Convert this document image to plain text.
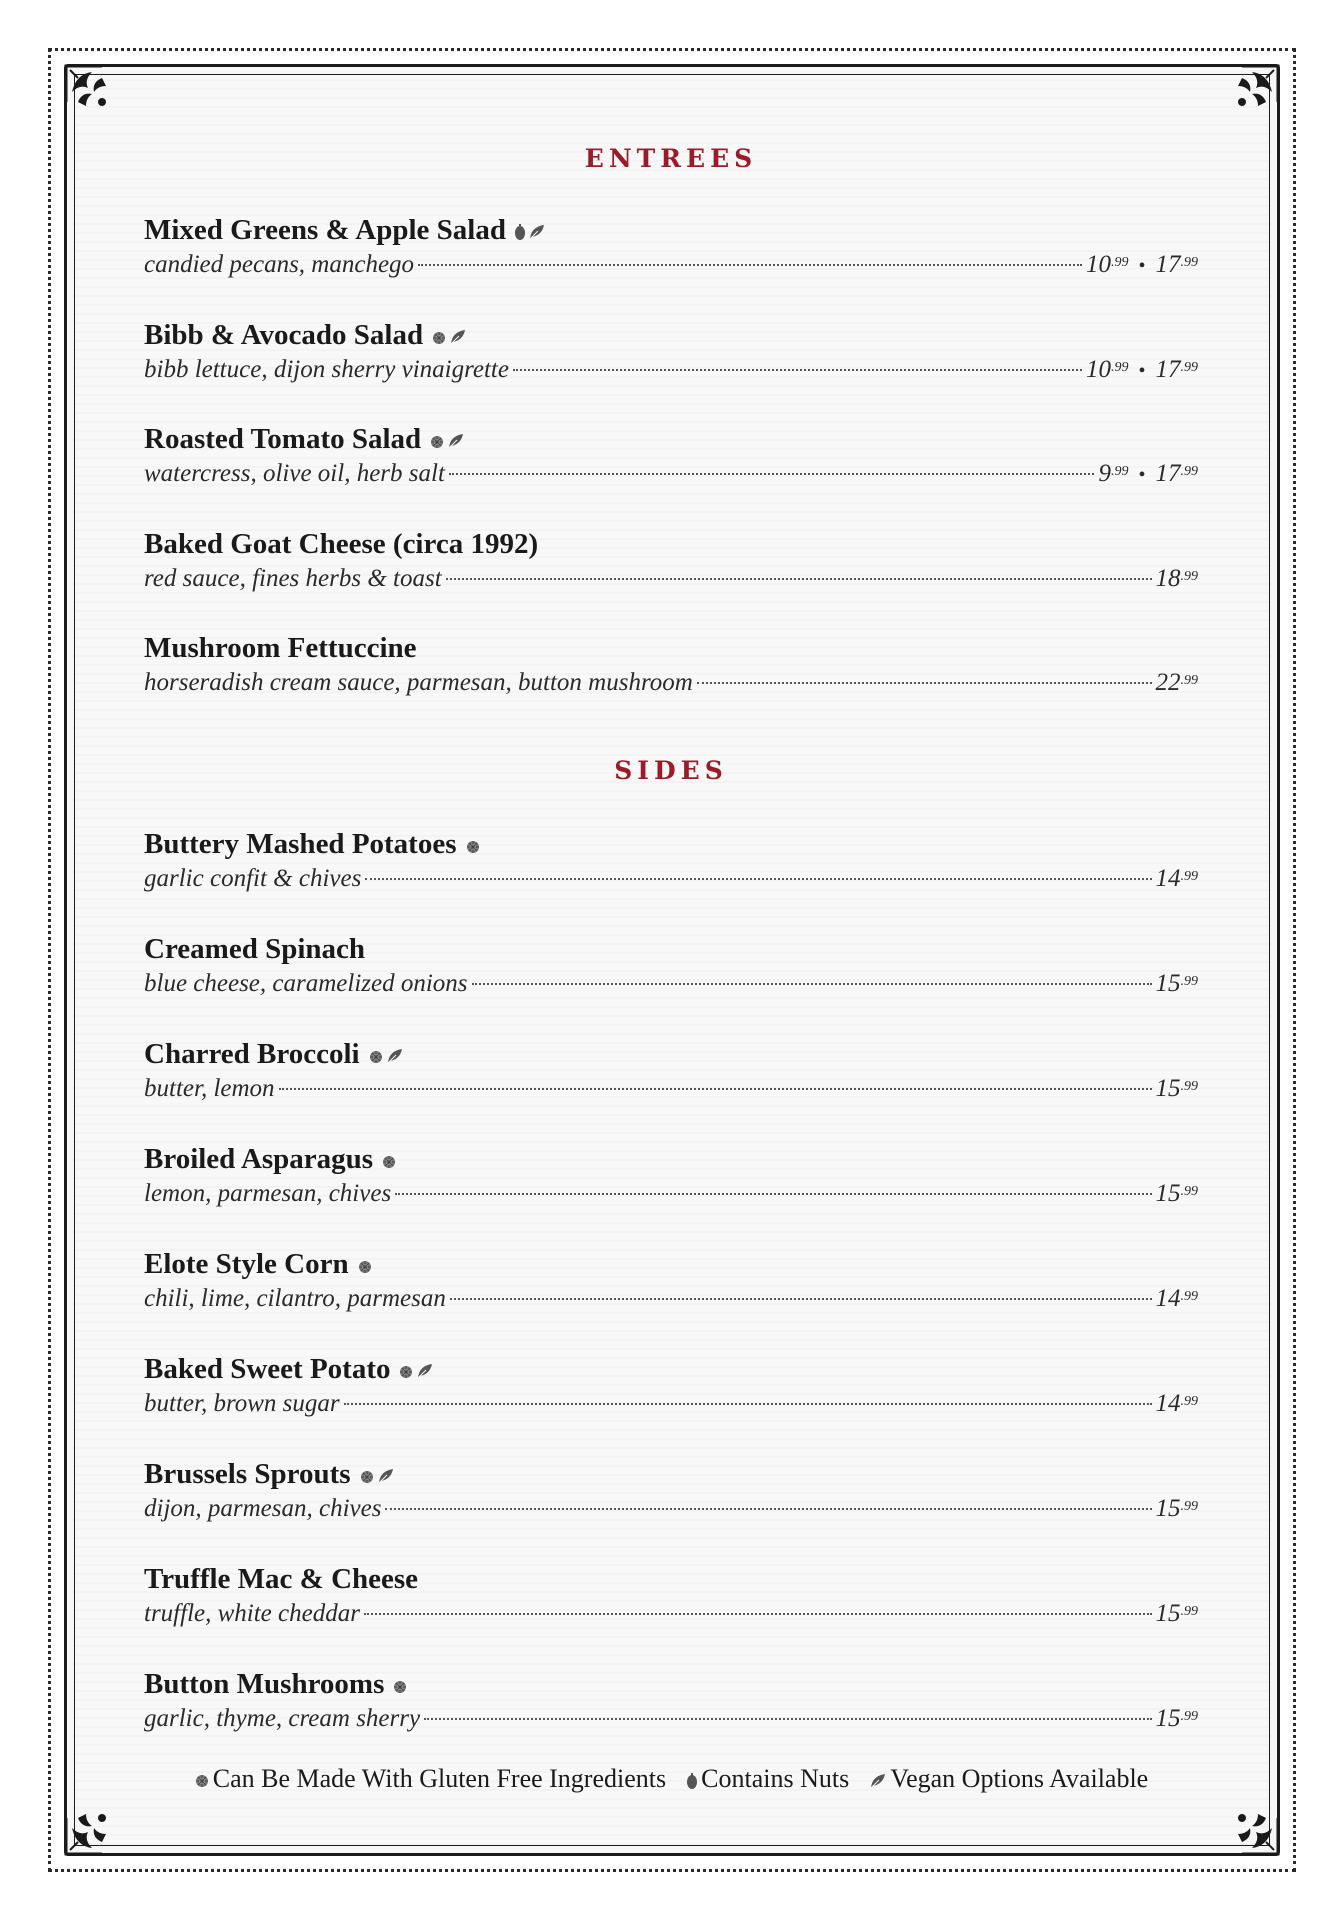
entrees
Mixed Greens & Apple Salad
candied pecans, manchego	$10^{.99}$ • $17^{.99}$
Bibb & Avocado Salad
bibb lettuce, dijon sherry vinaigrette	$10^{.99}$ • $17^{.99}$
Roasted Tomato Salad
watercress, olive oil, herb salt	$9^{.99}$ • $17^{.99}$
Baked Goat Cheese (circa 1992)
red sauce, fines herbs & toast	$18^{.99}$
Mushroom Fettuccine
horseradish cream sauce, parmesan, button mushroom	$22^{.99}$
sides
Buttery Mashed Potatoes
garlic confit & chives	$14^{.99}$
Creamed Spinach
blue cheese, caramelized onions	$15^{.99}$
Charred Broccoli
butter, lemon	$15^{.99}$
Broiled Asparagus
lemon, parmesan, chives	$15^{.99}$
Elote Style Corn
chili, lime, cilantro, parmesan	$14^{.99}$
Baked Sweet Potato
butter, brown sugar	$14^{.99}$
Brussels Sprouts
dijon, parmesan, chives	$15^{.99}$
Truffle Mac & Cheese
truffle, white cheddar	$15^{.99}$
Button Mushrooms
garlic, thyme, cream sherry	$15^{.99}$
Can Be Made With Gluten Free Ingredients Contains Nuts Vegan Options Available
